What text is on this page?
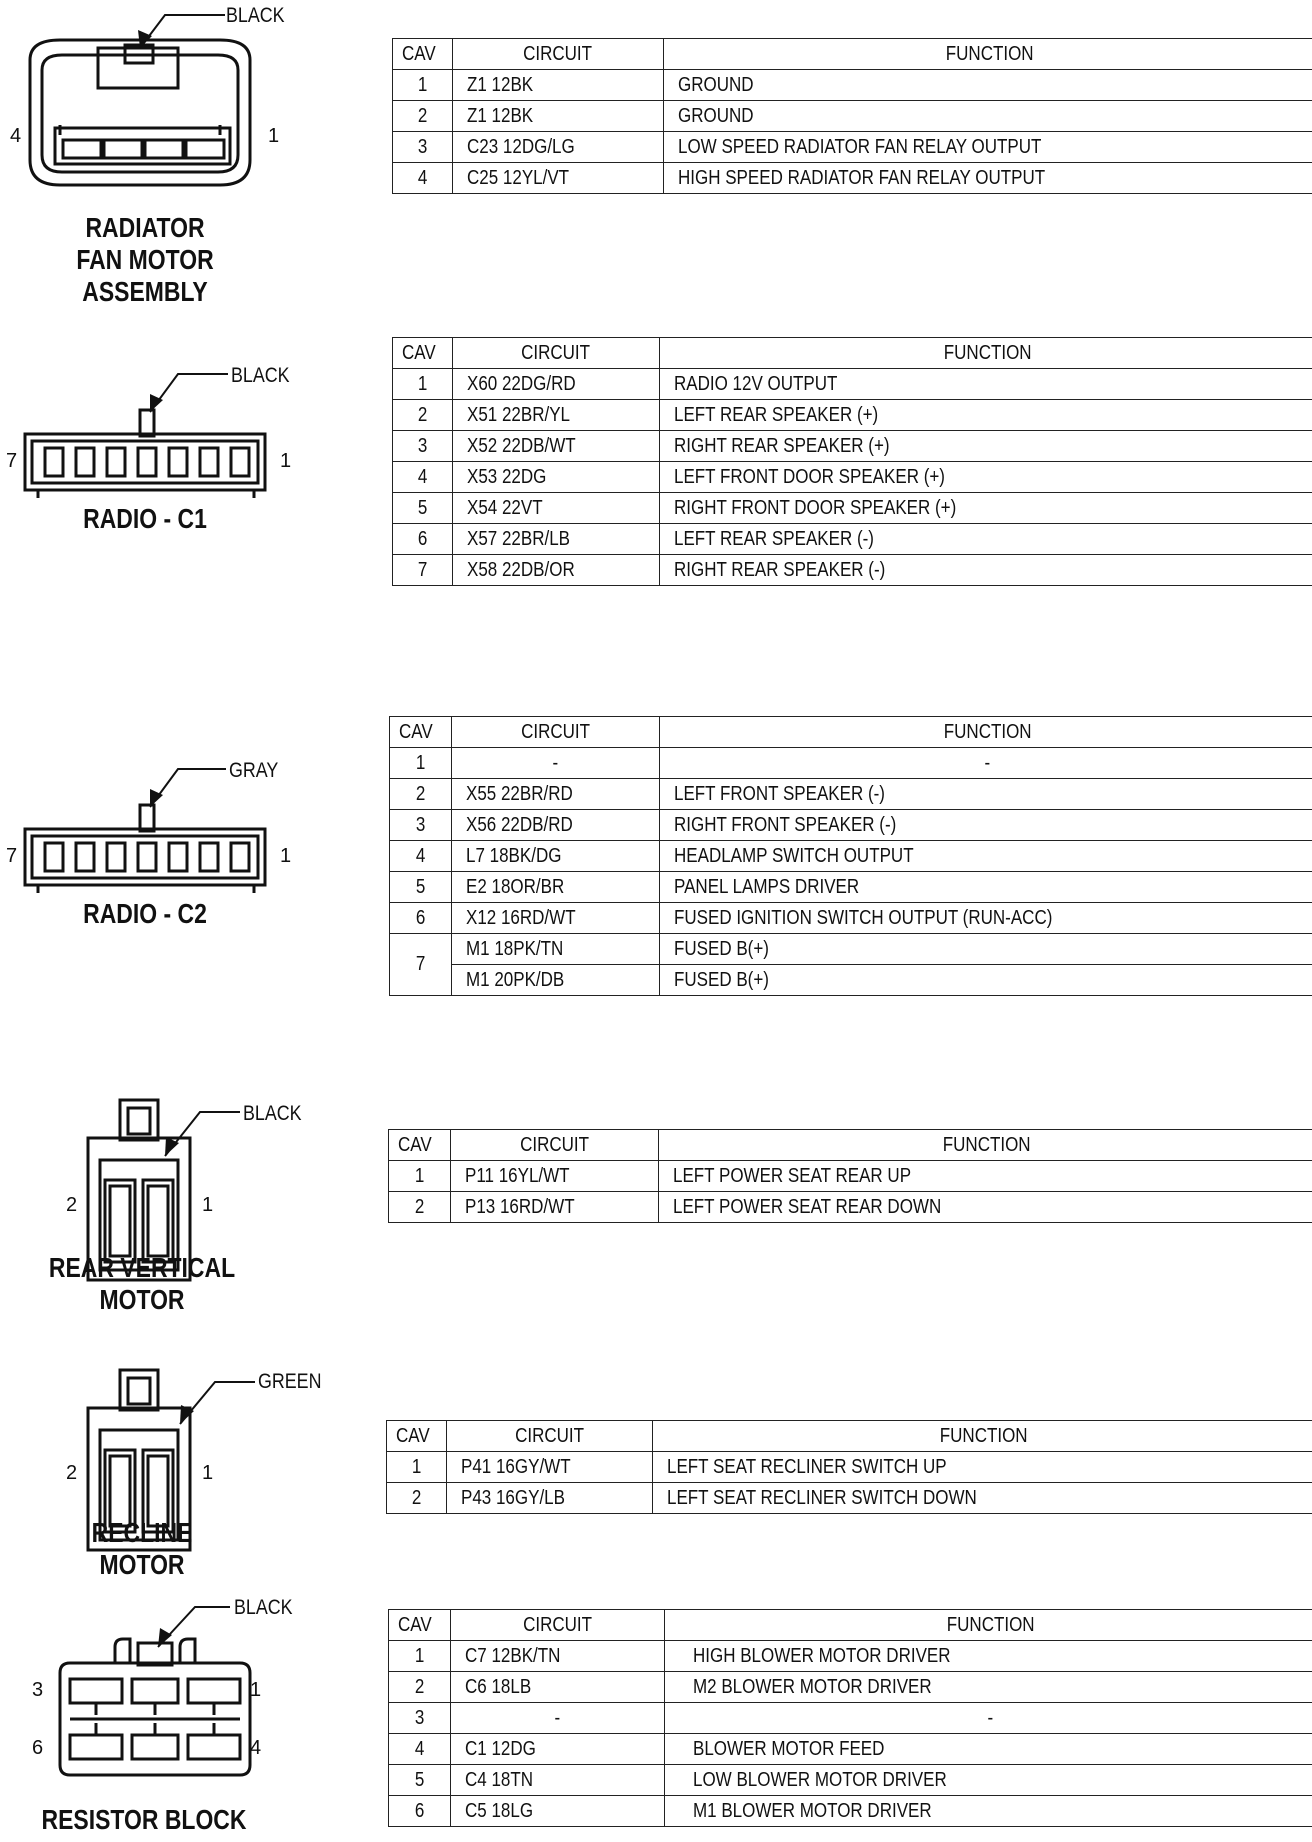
BLACK
4	1
RADIATOR
FAN MOTOR
ASSEMBLY
CAV	CIRCUIT	FUNCTION
1	Z1 12BK	GROUND
2	Z1 12BK	GROUND
3	C23 12DG/LG	LOW SPEED RADIATOR FAN RELAY OUTPUT
4	C25 12YL/VT	HIGH SPEED RADIATOR FAN RELAY OUTPUT
BLACK
7	1
RADIO - C1
CAV	CIRCUIT	FUNCTION
1	X60 22DG/RD	RADIO 12V OUTPUT
2	X51 22BR/YL	LEFT REAR SPEAKER (+)
3	X52 22DB/WT	RIGHT REAR SPEAKER (+)
4	X53 22DG	LEFT FRONT DOOR SPEAKER (+)
5	X54 22VT	RIGHT FRONT DOOR SPEAKER (+)
6	X57 22BR/LB	LEFT REAR SPEAKER (-)
7	X58 22DB/OR	RIGHT REAR SPEAKER (-)
GRAY
7	1
RADIO - C2
CAV	CIRCUIT	FUNCTION
1	-	-
2	X55 22BR/RD	LEFT FRONT SPEAKER (-)
3	X56 22DB/RD	RIGHT FRONT SPEAKER (-)
4	L7 18BK/DG	HEADLAMP SWITCH OUTPUT
5	E2 18OR/BR	PANEL LAMPS DRIVER
6	X12 16RD/WT	FUSED IGNITION SWITCH OUTPUT (RUN-ACC)
7	M1 18PK/TN	FUSED B(+)
	M1 20PK/DB	FUSED B(+)
BLACK
2	1
REAR VERTICAL
MOTOR
CAV	CIRCUIT	FUNCTION
1	P11 16YL/WT	LEFT POWER SEAT REAR UP
2	P13 16RD/WT	LEFT POWER SEAT REAR DOWN
GREEN
2	1
RECLINE
MOTOR
CAV	CIRCUIT	FUNCTION
1	P41 16GY/WT	LEFT SEAT RECLINER SWITCH UP
2	P43 16GY/LB	LEFT SEAT RECLINER SWITCH DOWN
BLACK
3	1
6	4
RESISTOR BLOCK
CAV	CIRCUIT	FUNCTION
1	C7 12BK/TN	HIGH BLOWER MOTOR DRIVER
2	C6 18LB	M2 BLOWER MOTOR DRIVER
3	-	-
4	C1 12DG	BLOWER MOTOR FEED
5	C4 18TN	LOW BLOWER MOTOR DRIVER
6	C5 18LG	M1 BLOWER MOTOR DRIVER
